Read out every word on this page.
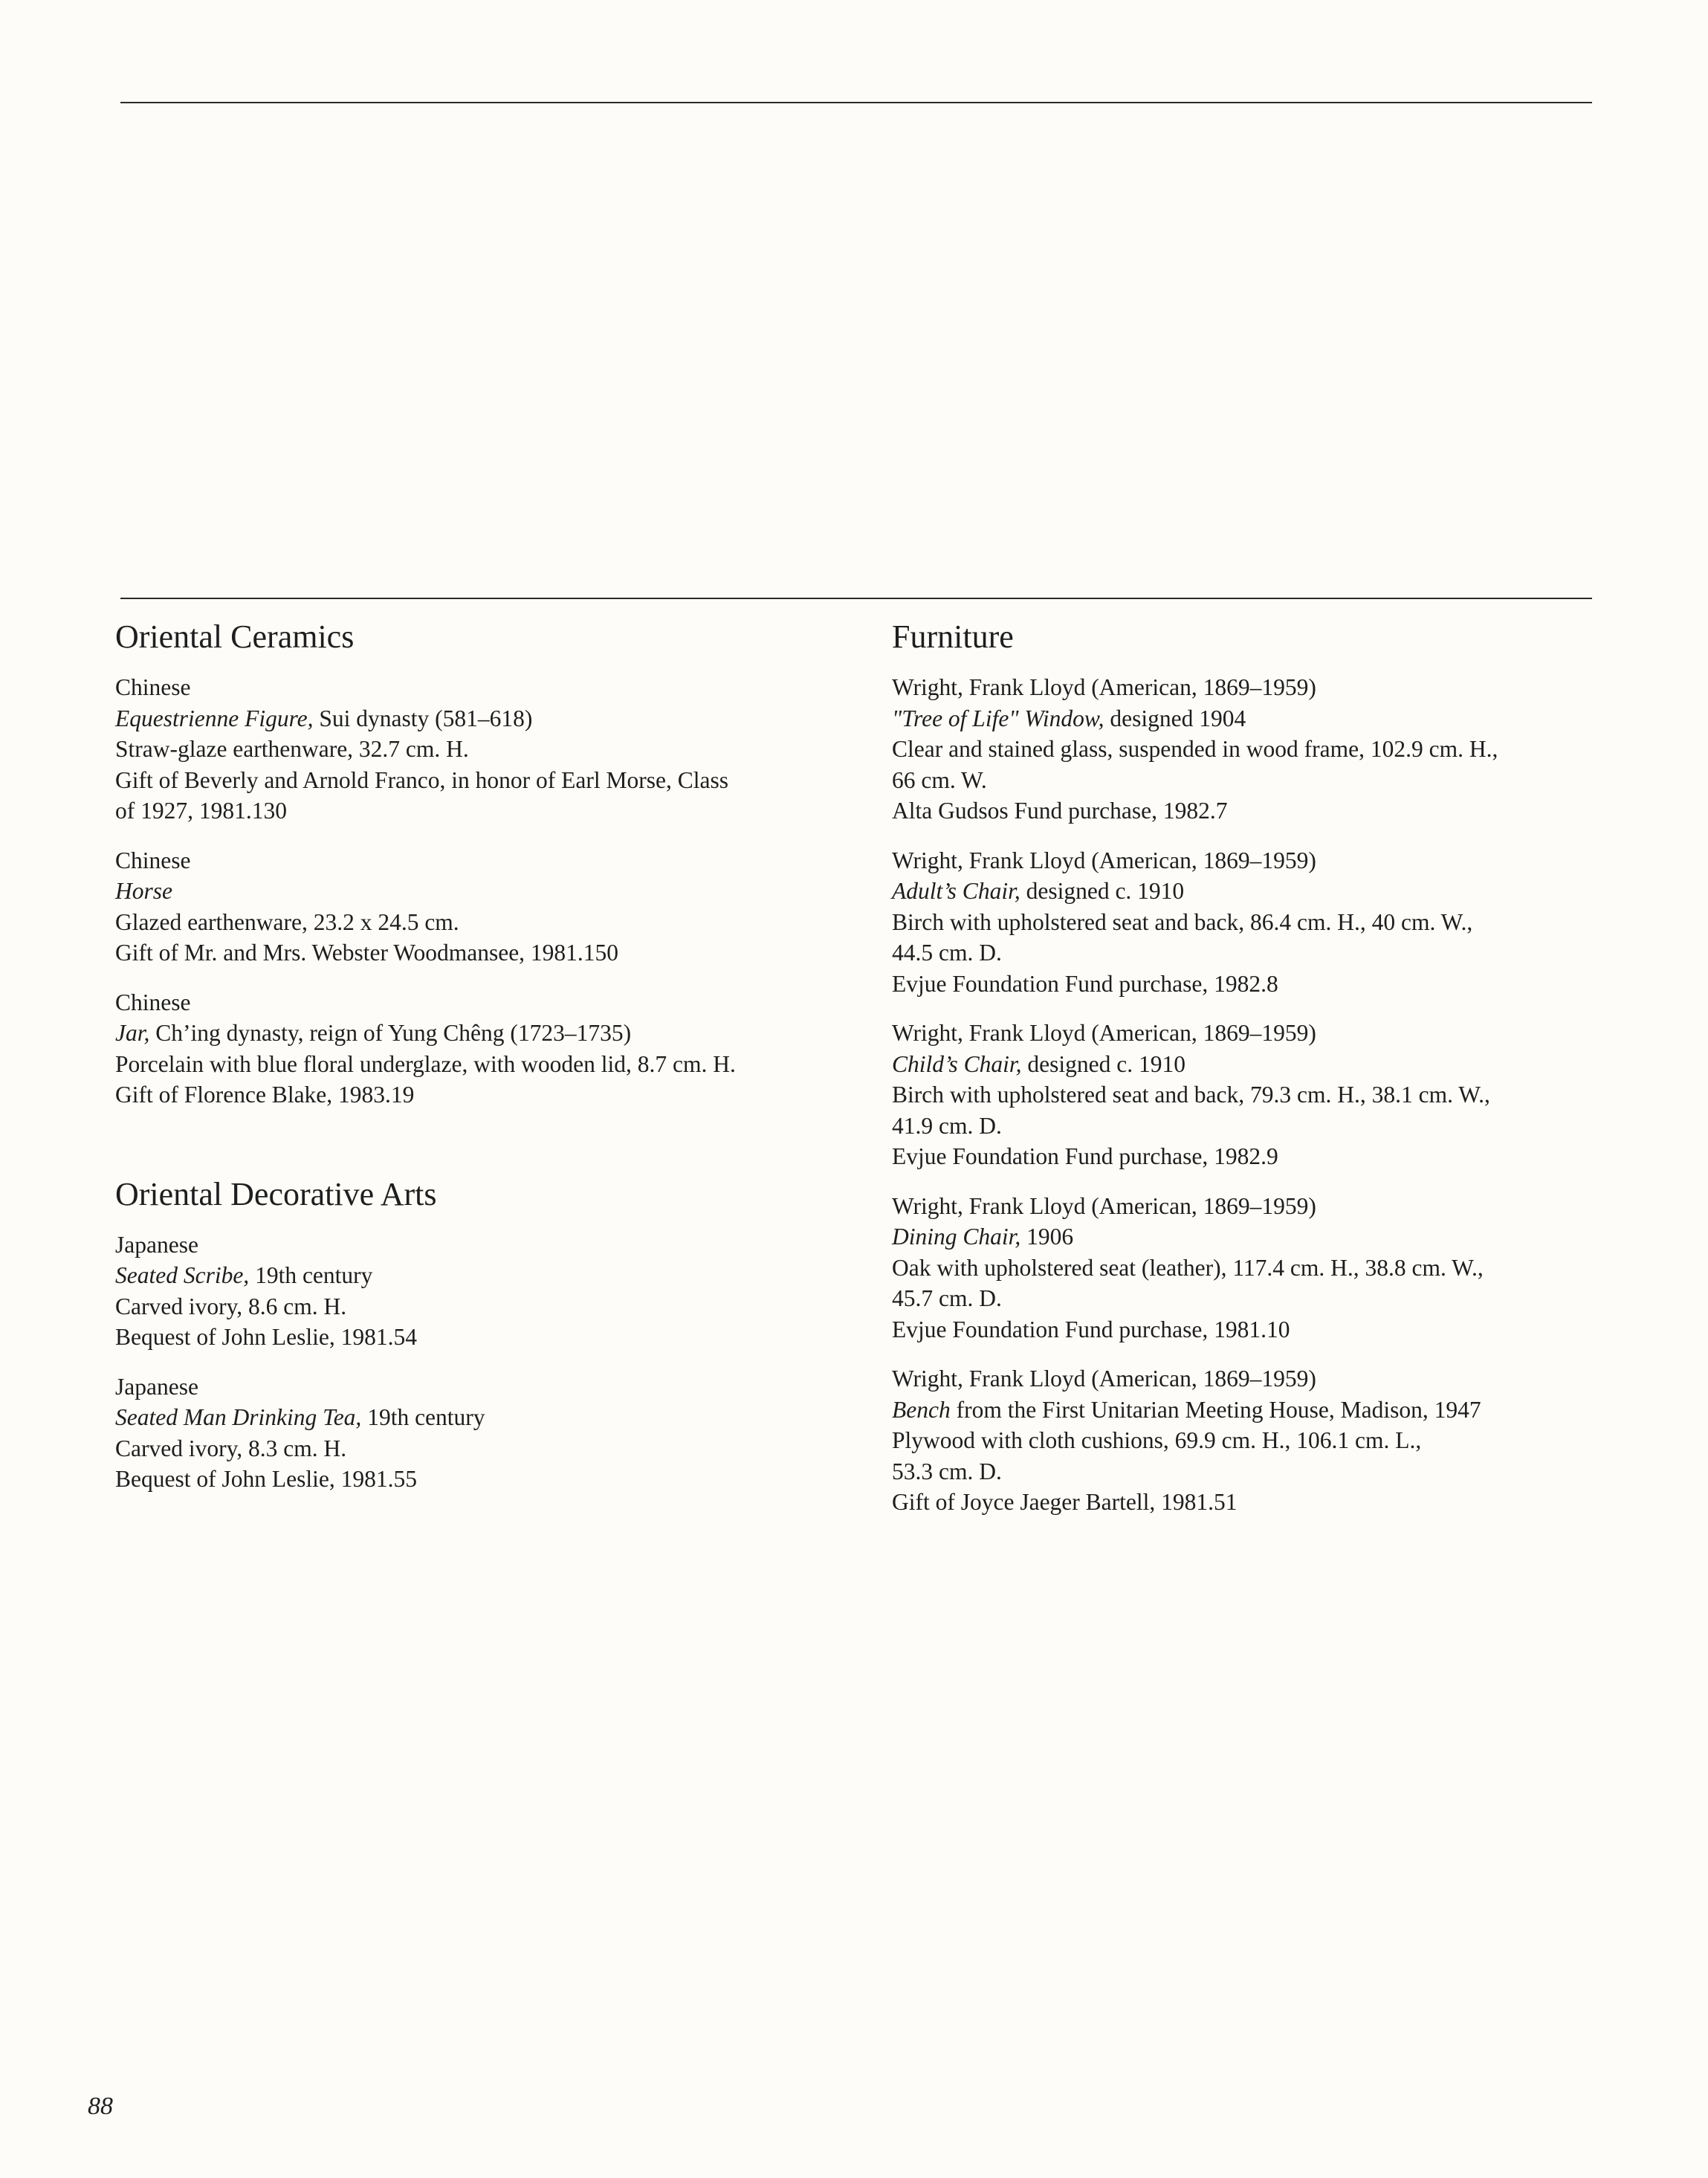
Oriental Ceramics
Chinese
Equestrienne Figure, Sui dynasty (581–618)
Straw-glaze earthenware, 32.7 cm. H.
Gift of Beverly and Arnold Franco, in honor of Earl Morse, Class
of 1927, 1981.130
Chinese
Horse
Glazed earthenware, 23.2 x 24.5 cm.
Gift of Mr. and Mrs. Webster Woodmansee, 1981.150
Chinese
Jar, Ch’ing dynasty, reign of Yung Chêng (1723–1735)
Porcelain with blue floral underglaze, with wooden lid, 8.7 cm. H.
Gift of Florence Blake, 1983.19
Oriental Decorative Arts
Japanese
Seated Scribe, 19th century
Carved ivory, 8.6 cm. H.
Bequest of John Leslie, 1981.54
Japanese
Seated Man Drinking Tea, 19th century
Carved ivory, 8.3 cm. H.
Bequest of John Leslie, 1981.55
Furniture
Wright, Frank Lloyd (American, 1869–1959)
"Tree of Life" Window, designed 1904
Clear and stained glass, suspended in wood frame, 102.9 cm. H.,
66 cm. W.
Alta Gudsos Fund purchase, 1982.7
Wright, Frank Lloyd (American, 1869–1959)
Adult’s Chair, designed c. 1910
Birch with upholstered seat and back, 86.4 cm. H., 40 cm. W.,
44.5 cm. D.
Evjue Foundation Fund purchase, 1982.8
Wright, Frank Lloyd (American, 1869–1959)
Child’s Chair, designed c. 1910
Birch with upholstered seat and back, 79.3 cm. H., 38.1 cm. W.,
41.9 cm. D.
Evjue Foundation Fund purchase, 1982.9
Wright, Frank Lloyd (American, 1869–1959)
Dining Chair, 1906
Oak with upholstered seat (leather), 117.4 cm. H., 38.8 cm. W.,
45.7 cm. D.
Evjue Foundation Fund purchase, 1981.10
Wright, Frank Lloyd (American, 1869–1959)
Bench from the First Unitarian Meeting House, Madison, 1947
Plywood with cloth cushions, 69.9 cm. H., 106.1 cm. L.,
53.3 cm. D.
Gift of Joyce Jaeger Bartell, 1981.51
88
